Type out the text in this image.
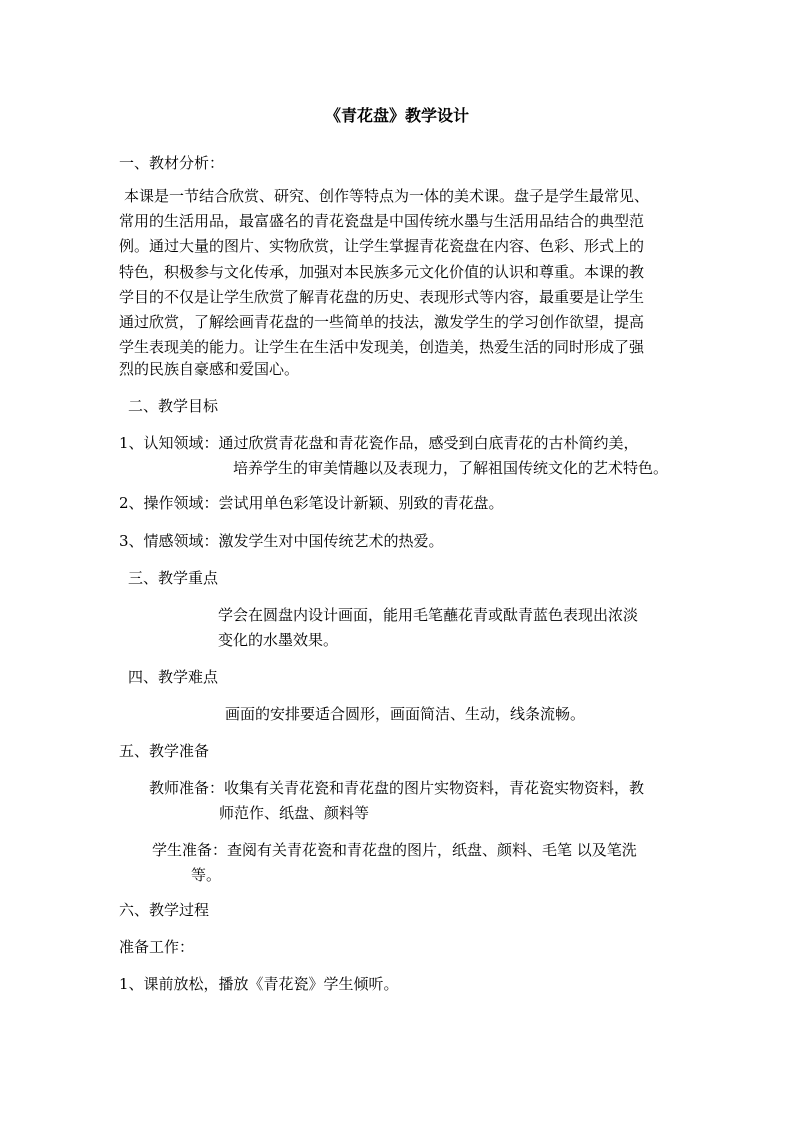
《青花盘》教学设计
一、教材分析：
本课是一节结合欣赏、研究、创作等特点为一体的美术课。盘子是学生最常见、
常用的生活用品，最富盛名的青花瓷盘是中国传统水墨与生活用品结合的典型范
例。通过大量的图片、实物欣赏，让学生掌握青花瓷盘在内容、色彩、形式上的
特色，积极参与文化传承，加强对本民族多元文化价值的认识和尊重。本课的教
学目的不仅是让学生欣赏了解青花盘的历史、表现形式等内容，最重要是让学生
通过欣赏，了解绘画青花盘的一些简单的技法，激发学生的学习创作欲望，提高
学生表现美的能力。让学生在生活中发现美，创造美，热爱生活的同时形成了强
烈的民族自豪感和爱国心。
二、教学目标
1、认知领域：通过欣赏青花盘和青花瓷作品，感受到白底青花的古朴简约美，
培养学生的审美情趣以及表现力，了解祖国传统文化的艺术特色。
2、操作领域：尝试用单色彩笔设计新颖、别致的青花盘。
3、情感领域：激发学生对中国传统艺术的热爱。
三、教学重点
学会在圆盘内设计画面，能用毛笔蘸花青或酞青蓝色表现出浓淡
变化的水墨效果。
四、教学难点
画面的安排要适合圆形，画面简洁、生动，线条流畅。
五、教学准备
教师准备：收集有关青花瓷和青花盘的图片实物资料，青花瓷实物资料，教
师范作、纸盘、颜料等
学生准备：查阅有关青花瓷和青花盘的图片，纸盘、颜料、毛笔 以及笔洗
等。
六、教学过程
准备工作：
1、课前放松，播放《青花瓷》学生倾听。
